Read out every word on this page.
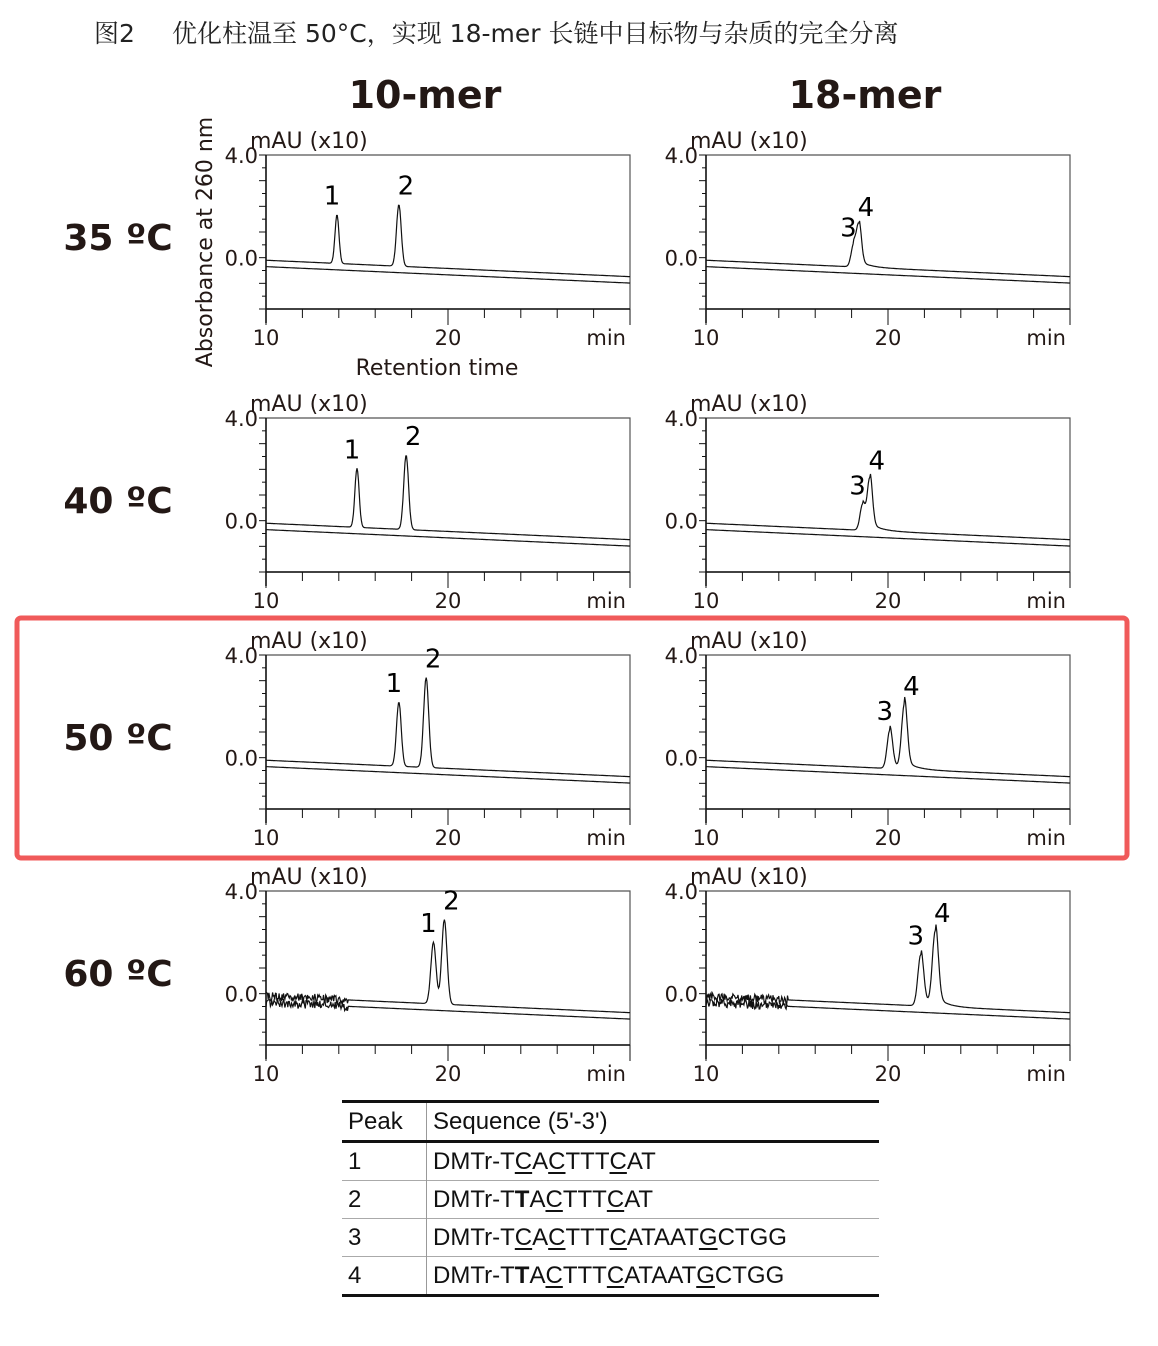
图2 优化柱温至 50°C，实现 18-mer 长链中目标物与杂质的完全分离
10-mer	18-mer
35 ºC
40 ºC
50 ºC
60 ºC
Absorbance at 260 nm
Retention time
4.0
0.0
10	20	min
mAU (x10)
1 2
4.0
0.0
10	20	min
mAU (x10)
3
4
4.0
0.0
10	20	min
mAU (x10)
1 2
4.0
0.0
10	20	min
mAU (x10)
3
4
4.0
0.0
10	20	min
mAU (x10)
1
2	4.0
0.0
10	20	min
mAU (x10)
3
4
4.0
0.0
10	20	min
mAU (x10)
1
2	4.0
0.0
10	20	min
mAU (x10)
3
4
Peak	Sequence (5'-3')
1	DMTr-TCACTTTCAT
2	DMTr-TTACTTTCAT
3	DMTr-TCACTTTCATAATGCTGG
4	DMTr-TTACTTTCATAATGCTGG
